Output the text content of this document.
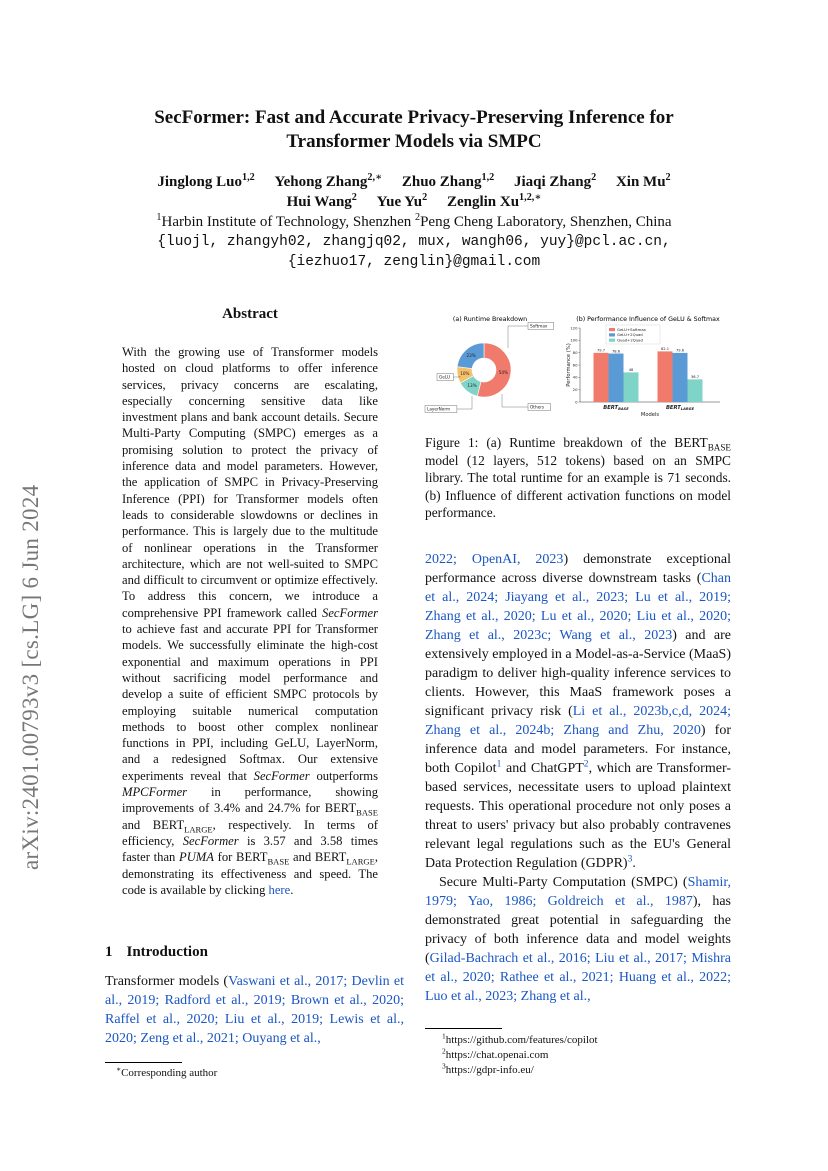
arXiv:2401.00793v3 [cs.LG] 6 Jun 2024
SecFormer: Fast and Accurate Privacy-Preserving Inference for
Transformer Models via SMPC
Jinglong Luo$^{1,2}$ Yehong Zhang$^{2,∗}$ Zhuo Zhang$^{1,2}$ Jiaqi Zhang$^2$ Xin Mu$^2$
Hui Wang$^2$ Yue Yu$^2$ Zenglin $Xu^{1,2,∗}$
$^1$Harbin Institute of Technology, Shenzhen $^2$Peng Cheng Laboratory, Shenzhen, China
{luojl, zhangyh02, zhangjq02, mux, wangh06, yuy}@pcl.ac.cn,
{iezhuo17, zenglin}@gmail.com
Abstract
With the growing use of Transformer models hosted on cloud platforms to offer inference services, privacy concerns are escalating, especially concerning sensitive data like investment plans and bank account details. Secure Multi-Party Computing (SMPC) emerges as a promising solution to protect the privacy of inference data and model parameters. However, the application of SMPC in Privacy-Preserving Inference (PPI) for Transformer models often leads to considerable slowdowns or declines in performance. This is largely due to the multitude of nonlinear operations in the Transformer architecture, which are not well-suited to SMPC and difficult to circumvent or optimize effectively. To address this concern, we introduce a comprehensive PPI framework called SecFormer to achieve fast and accurate PPI for Transformer models. We successfully eliminate the high-cost exponential and maximum operations in PPI without sacrificing model performance and develop a suite of efficient SMPC protocols by employing suitable numerical computation methods to boost other complex nonlinear functions in PPI, including GeLU, LayerNorm, and a redesigned Softmax. Our extensive experiments reveal that SecFormer outperforms MPCFormer in performance, showing improvements of 3.4% and 24.7% for $BERT_{BASE}$ and $BERT_{LARGE}$, respectively. In terms of efficiency, SecFormer is 3.57 and 3.58 times faster than PUMA for $BERT_{BASE}$ and $BERT_{LARGE}$, demonstrating its effectiveness and speed. The code is available by clicking here.
1 Introduction
Transformer models (Vaswani et al., 2017; Devlin et al., 2019; Radford et al., 2019; Brown et al., 2020; Raffel et al., 2020; Liu et al., 2019; Lewis et al., 2020; Zeng et al., 2021; Ouyang et al.,
∗Corresponding author
(a) Runtime Breakdown
54%
13%
10%
23%
Softmax
GeLU
LayerNorm	Others
(b) Performance Influence of GeLU & Softmax
0
20
40
60
80
100
120
Performance (%)	79.7	82.1
78.6	79.6
48
36.7
$BERT_{BASE}$	$BERT_{LARGE}$
Models
GeLU+Softmax
GeLU+2Quad
Quad+2Quad
Figure 1: (a) Runtime breakdown of the $BERT_{BASE}$ model (12 layers, 512 tokens) based on an SMPC library. The total runtime for an example is 71 seconds. (b) Influence of different activation functions on model performance.

2022; OpenAI, 2023) demonstrate exceptional performance across diverse downstream tasks (Chan et al., 2024; Jiayang et al., 2023; Lu et al., 2019; Zhang et al., 2020; Lu et al., 2020; Liu et al., 2020; Zhang et al., 2023c; Wang et al., 2023) and are extensively employed in a Model-as-a-Service (MaaS) paradigm to deliver high-quality inference services to clients. However, this MaaS framework poses a significant privacy risk (Li et al., 2023b,c,d, 2024; Zhang et al., 2024b; Zhang and Zhu, 2020) for inference data and model parameters. For instance, both Copilot$^1$ and ChatGPT$^2$, which are Transformer-based services, necessitate users to upload plaintext requests. This operational procedure not only poses a threat to users' privacy but also probably contravenes relevant legal regulations such as the EU's General Data Protection Regulation (GDPR)$^3$.

Secure Multi-Party Computation (SMPC) (Shamir, 1979; Yao, 1986; Goldreich et al., 1987), has demonstrated great potential in safeguarding the privacy of both inference data and model weights (Gilad-Bachrach et al., 2016; Liu et al., 2017; Mishra et al., 2020; Rathee et al., 2021; Huang et al., 2022; Luo et al., 2023; Zhang et al.,

$^1$https://github.com/features/copilot
$^2$https://chat.openai.com
$^3$https://gdpr-info.eu/
